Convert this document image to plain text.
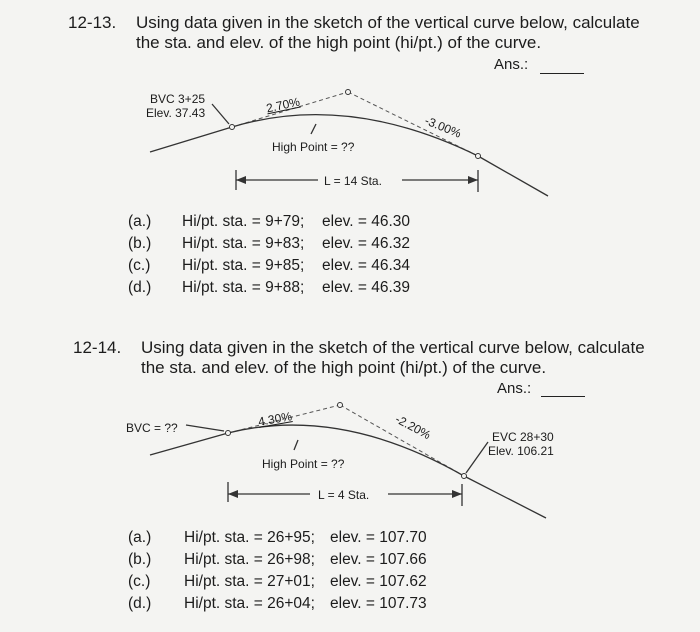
12-13. Using data given in the sketch of the vertical curve below, calculate
the sta. and elev. of the high point (hi/pt.) of the curve.
Ans.:
BVC 3+25
Elev. 37.43	2.70%
-3.00%
High Point = ??
L = 14 Sta.
(a.) Hi/pt. sta. = 9+79; elev. = 46.30
(b.) Hi/pt. sta. = 9+83; elev. = 46.32
(c.) Hi/pt. sta. = 9+85; elev. = 46.34
(d.) Hi/pt. sta. = 9+88; elev. = 46.39
12-14. Using data given in the sketch of the vertical curve below, calculate
the sta. and elev. of the high point (hi/pt.) of the curve.
Ans.:
BVC = ??	4.30%	-2.20%	EVC 28+30
Elev. 106.21
High Point = ??
L = 4 Sta.
(a.) Hi/pt. sta. = 26+95; elev. = 107.70
(b.) Hi/pt. sta. = 26+98; elev. = 107.66
(c.) Hi/pt. sta. = 27+01; elev. = 107.62
(d.) Hi/pt. sta. = 26+04; elev. = 107.73
